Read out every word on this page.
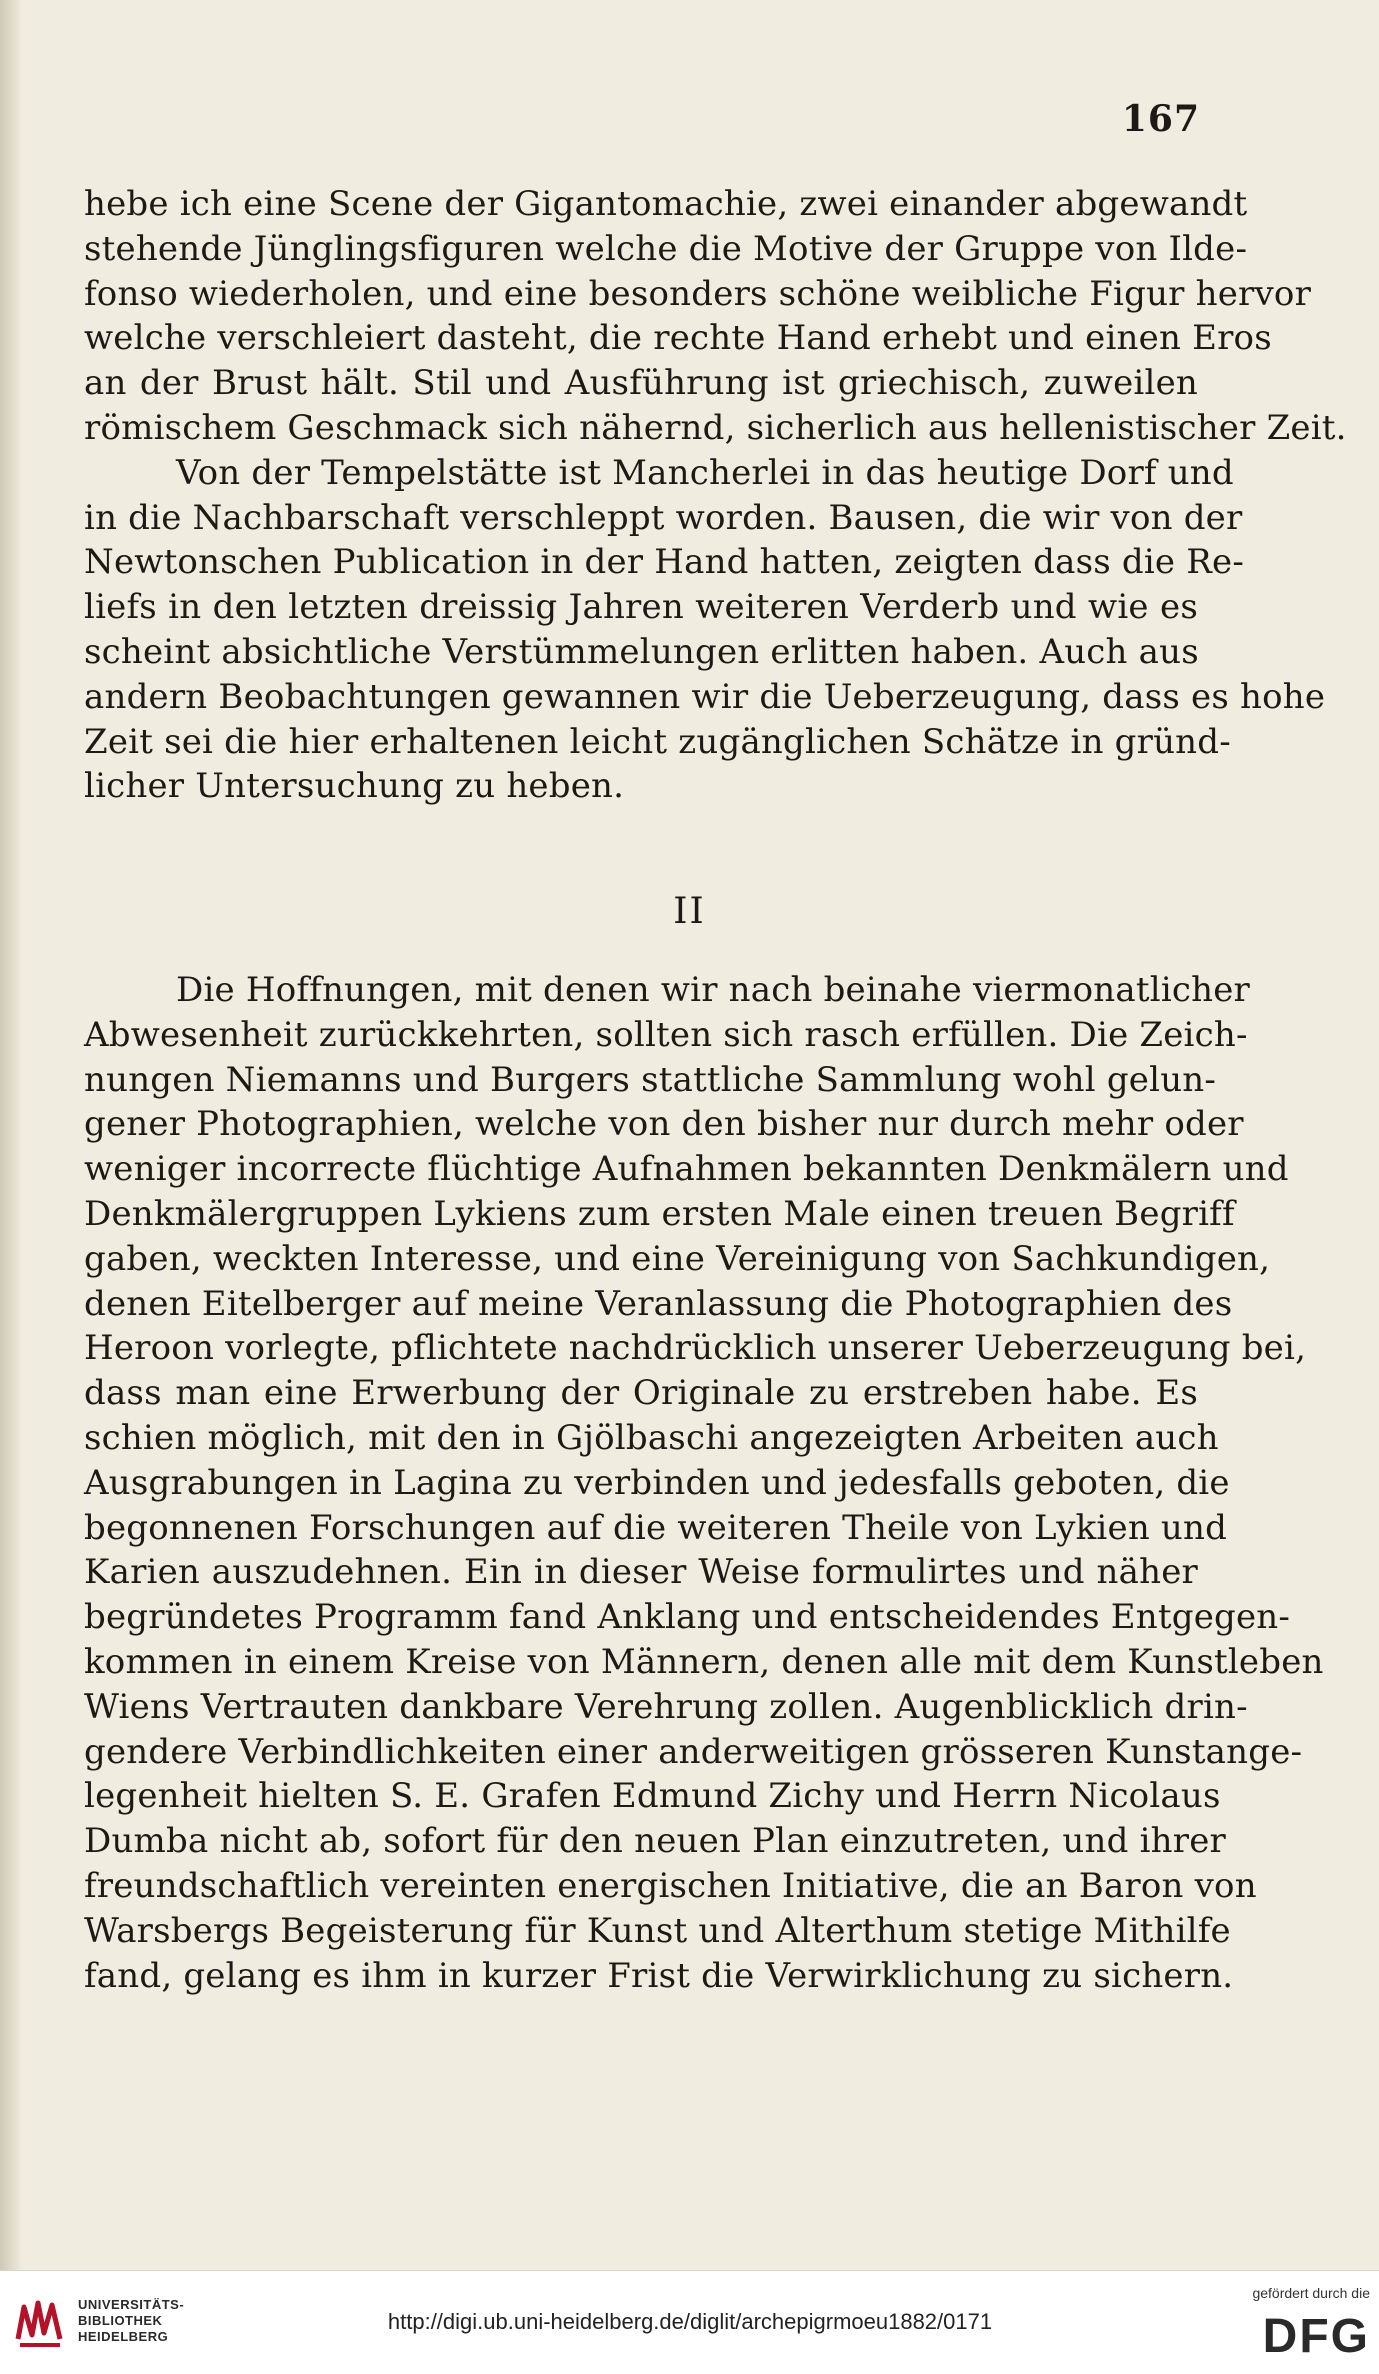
167
hebe ich eine Scene der Gigantomachie, zwei einander abgewandt
stehende Jünglingsfiguren welche die Motive der Gruppe von Ilde-
fonso wiederholen, und eine besonders schöne weibliche Figur hervor
welche verschleiert dasteht, die rechte Hand erhebt und einen Eros
an der Brust hält. Stil und Ausführung ist griechisch, zuweilen
römischem Geschmack sich nähernd, sicherlich aus hellenistischer Zeit.
Von der Tempelstätte ist Mancherlei in das heutige Dorf und
in die Nachbarschaft verschleppt worden. Bausen, die wir von der
Newtonschen Publication in der Hand hatten, zeigten dass die Re-
liefs in den letzten dreissig Jahren weiteren Verderb und wie es
scheint absichtliche Verstümmelungen erlitten haben. Auch aus
andern Beobachtungen gewannen wir die Ueberzeugung, dass es hohe
Zeit sei die hier erhaltenen leicht zugänglichen Schätze in gründ-
licher Untersuchung zu heben.
II
Die Hoffnungen, mit denen wir nach beinahe viermonatlicher
Abwesenheit zurückkehrten, sollten sich rasch erfüllen. Die Zeich-
nungen Niemanns und Burgers stattliche Sammlung wohl gelun-
gener Photographien, welche von den bisher nur durch mehr oder
weniger incorrecte flüchtige Aufnahmen bekannten Denkmälern und
Denkmälergruppen Lykiens zum ersten Male einen treuen Begriff
gaben, weckten Interesse, und eine Vereinigung von Sachkundigen,
denen Eitelberger auf meine Veranlassung die Photographien des
Heroon vorlegte, pflichtete nachdrücklich unserer Ueberzeugung bei,
dass man eine Erwerbung der Originale zu erstreben habe. Es
schien möglich, mit den in Gjölbaschi angezeigten Arbeiten auch
Ausgrabungen in Lagina zu verbinden und jedesfalls geboten, die
begonnenen Forschungen auf die weiteren Theile von Lykien und
Karien auszudehnen. Ein in dieser Weise formulirtes und näher
begründetes Programm fand Anklang und entscheidendes Entgegen-
kommen in einem Kreise von Männern, denen alle mit dem Kunstleben
Wiens Vertrauten dankbare Verehrung zollen. Augenblicklich drin-
gendere Verbindlichkeiten einer anderweitigen grösseren Kunstange-
legenheit hielten S. E. Grafen Edmund Zichy und Herrn Nicolaus
Dumba nicht ab, sofort für den neuen Plan einzutreten, und ihrer
freundschaftlich vereinten energischen Initiative, die an Baron von
Warsbergs Begeisterung für Kunst und Alterthum stetige Mithilfe
fand, gelang es ihm in kurzer Frist die Verwirklichung zu sichern.
UNIVERSITÄTS-
BIBLIOTHEK
HEIDELBERG
http://digi.ub.uni-heidelberg.de/diglit/archepigrmoeu1882/0171
gefördert durch die
DFG
